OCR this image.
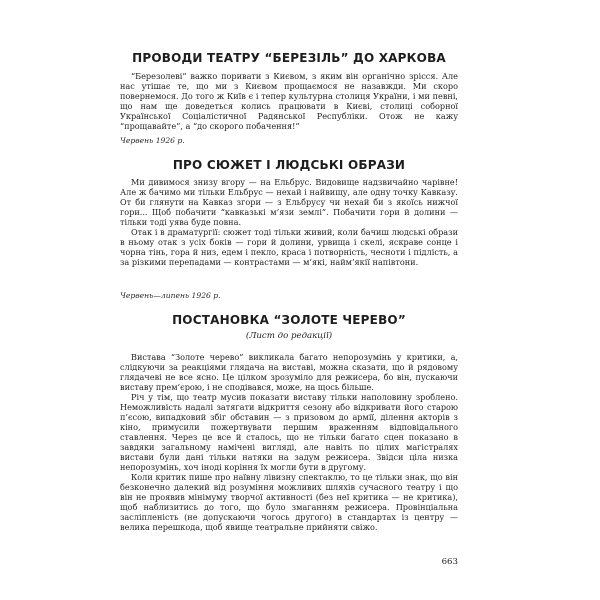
ПРОВОДИ ТЕАТРУ “БЕРЕЗІЛЬ” ДО ХАРКОВА

“Березолеві” важко поривати з Києвом, з яким він органічно зрісся. Але нас утішає те, що ми з Києвом прощаємося не назавжди. Ми скоро повернемося. До того ж Київ є і тепер культурна столиця України, і ми певні, що нам ще доведеться колись працювати в Києві, столиці соборної Української Соціалістичної Радянської Республіки. Отож не кажу “прощавайте”, а “до скорого побачення!”

Червень 1926 р.

ПРО СЮЖЕТ І ЛЮДСЬКІ ОБРАЗИ

Ми дивимося знизу вгору — на Ельбрус. Видовище надзвичайно чарівне! Але ж бачимо ми тільки Ельбрус — нехай і найвищу, але одну точку Кавказу. От би глянути на Кавказ згори — з Ельбрусу чи нехай би з якоїсь нижчої гори... Щоб побачити “кавказькі м’язи землі”. Побачити гори й долини — тільки тоді уява буде повна.

Отак і в драматургії: сюжет тоді тільки живий, коли бачиш людські образи в ньому отак з усіх боків — гори й долини, урвища і скелі, яскраве сонце і чорна тінь, гора й низ, едем і пекло, краса і потворність, чесноти і підлість, а за різкими перепадами — контрастами — м’які, найм’якії напівтони.

Червень—липень 1926 р.

ПОСТАНОВКА “ЗОЛОТЕ ЧЕРЕВО”

(Лист до редакції)

Вистава “Золоте черево” викликала багато непорозумінь у критики, а, слідкуючи за реакціями глядача на виставі, можна сказати, що й рядовому глядачеві не все ясно. Це цілком зрозуміло для режисера, бо він, пускаючи виставу прем’єрою, і не сподівався, може, на щось більше.

Річ у тім, що театр мусив показати виставу тільки наполовину зроблено. Неможливість надалі затягати відкриття сезону або відкривати його старою п’єсою, випадковий збіг обставин — з призовом до армії, ділення акторів з кіно, примусили пожертвувати першим враженням відповідального ставлення. Через це все й сталось, що не тільки багато сцен показано в завдяки загальному намічені вигляді, але навіть по цілих магістралях вистави були дані тільки натяки на задум режисера. Звідси ціла низка непорозумінь, хоч іноді коріння їх могли бути в другому.

Коли критик пише про наївну лівизну спектаклю, то це тільки знак, що він безконечно далекий від розуміння можливих шляхів сучасного театру і що він не проявив мінімуму творчої активності (без неї критика — не критика), щоб наблизитись до того, що було змаганням режисера. Провінціальна засліпленість (не допускаючи чогось другого) в стандартах із центру — велика перешкода, щоб явище театральне прийняти свіжо.

663
